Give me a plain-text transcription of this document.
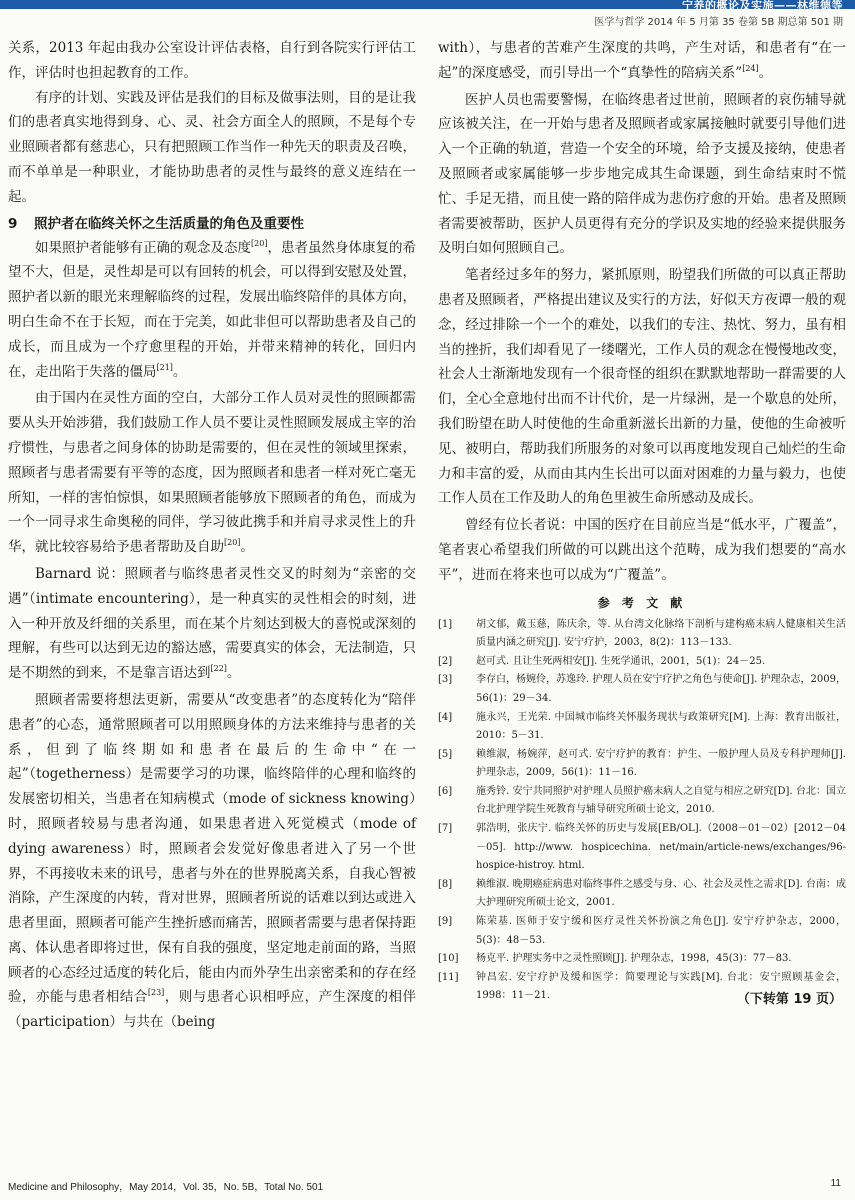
宁养的概论及实施——林维德等
医学与哲学 2014 年 5 月第 35 卷第 5B 期总第 501 期

关系，2013 年起由我办公室设计评估表格，自行到各院实行评估工作，评估时也担起教育的工作。

有序的计划、实践及评估是我们的目标及做事法则，目的是让我们的患者真实地得到身、心、灵、社会方面全人的照顾，不是每个专业照顾者都有慈悲心，只有把照顾工作当作一种先天的职责及召唤，而不单单是一种职业，才能协助患者的灵性与最终的意义连结在一起。

9 照护者在临终关怀之生活质量的角色及重要性

如果照护者能够有正确的观念及态度[20]，患者虽然身体康复的希望不大，但是，灵性却是可以有回转的机会，可以得到安慰及处置，照护者以新的眼光来理解临终的过程，发展出临终陪伴的具体方向，明白生命不在于长短，而在于完美，如此非但可以帮助患者及自己的成长，而且成为一个疗愈里程的开始，并带来精神的转化，回归内在，走出陷于失落的僵局[21]。

由于国内在灵性方面的空白，大部分工作人员对灵性的照顾都需要从头开始涉猎，我们鼓励工作人员不要让灵性照顾发展成主宰的治疗惯性，与患者之间身体的协助是需要的，但在灵性的领域里探索，照顾者与患者需要有平等的态度，因为照顾者和患者一样对死亡毫无所知，一样的害怕惊惧，如果照顾者能够放下照顾者的角色，而成为一个一同寻求生命奥秘的同伴，学习彼此携手和并肩寻求灵性上的升华，就比较容易给予患者帮助及自助[20]。

Barnard 说：照顾者与临终患者灵性交叉的时刻为“亲密的交遇”（intimate encountering），是一种真实的灵性相会的时刻，进入一种开放及纤细的关系里，而在某个片刻达到极大的喜悦或深刻的理解，有些可以达到无边的豁达感，需要真实的体会，无法制造，只是不期然的到来，不是靠言语达到[22]。

照顾者需要将想法更新，需要从“改变患者”的态度转化为“陪伴患者”的心态，通常照顾者可以用照顾身体的方法来维持与患者的关系，但到了临终期如和患者在最后的生命中“在一起”（togetherness）是需要学习的功课，临终陪伴的心理和临终的发展密切相关，当患者在知病模式（mode of sickness knowing）时，照顾者较易与患者沟通，如果患者进入死觉模式（mode of dying awareness）时，照顾者会发觉好像患者进入了另一个世界，不再接收未来的讯号，患者与外在的世界脱离关系，自我心智被消除，产生深度的内转，背对世界，照顾者所说的话难以到达或进入患者里面，照顾者可能产生挫折感而痛苦，照顾者需要与患者保持距离、体认患者即将过世，保有自我的强度，坚定地走前面的路，当照顾者的心态经过适度的转化后，能由内而外孕生出亲密柔和的存在经验，亦能与患者相结合[23]，则与患者心识相呼应，产生深度的相伴（participation）与共在（being

with），与患者的苦难产生深度的共鸣，产生对话，和患者有“在一起”的深度感受，而引导出一个“真挚性的陪病关系”[24]。

医护人员也需要警惕，在临终患者过世前，照顾者的哀伤辅导就应该被关注，在一开始与患者及照顾者或家属接触时就要引导他们进入一个正确的轨道，营造一个安全的环境，给予支援及接纳，使患者及照顾者或家属能够一步步地完成其生命课题，到生命结束时不慌忙、手足无措，而且使一路的陪伴成为悲伤疗愈的开始。患者及照顾者需要被帮助，医护人员更得有充分的学识及实地的经验来提供服务及明白如何照顾自己。

笔者经过多年的努力，紧抓原则，盼望我们所做的可以真正帮助患者及照顾者，严格提出建议及实行的方法，好似天方夜谭一般的观念，经过排除一个一个的难处，以我们的专注、热忱、努力，虽有相当的挫折，我们却看见了一缕曙光，工作人员的观念在慢慢地改变，社会人士渐渐地发现有一个很奇怪的组织在默默地帮助一群需要的人们，全心全意地付出而不计代价，是一片绿洲，是一个歇息的处所，我们盼望在助人时使他的生命重新滋长出新的力量，使他的生命被听见、被明白，帮助我们所服务的对象可以再度地发现自己灿烂的生命力和丰富的爱，从而由其内生长出可以面对困难的力量与毅力，也使工作人员在工作及助人的角色里被生命所感动及成长。

曾经有位长者说：中国的医疗在目前应当是“低水平，广覆盖”，笔者衷心希望我们所做的可以跳出这个范畴，成为我们想要的“高水平”，进而在将来也可以成为“广覆盖”。

参 考 文 献
[1] 胡文郁，戴玉慈，陈庆余，等. 从台湾文化脉络下剖析与建构癌末病人健康相关生活质量内涵之研究[J]. 安宁疗护，2003，8(2)：113－133.
[2] 赵可式. 且让生死两相安[J]. 生死学通讯，2001，5(1)：24－25.
[3] 李存白，杨婉伶，苏逸玲. 护理人员在安宁疗护之角色与使命[J]. 护理杂志，2009，56(1)：29－34.
[4] 施永兴，王光荣. 中国城市临终关怀服务现状与政策研究[M]. 上海：教育出版社，2010：5－31.
[5] 赖维淑，杨婉萍，赵可式. 安宁疗护的教育：护生、一般护理人员及专科护理师[J]. 护理杂志，2009，56(1)：11－16.
[6] 施秀铃. 安宁共同照护对护理人员照护癌末病人之自觉与相应之研究[D]. 台北：国立台北护理学院生死教育与辅导研究所硕士论文，2010.
[7] 郭浩明，张庆宁. 临终关怀的历史与发展[EB/OL].（2008－01－02）[2012－04－05]. http://www. hospicechina. net/main/article-news/exchanges/96-hospice-histroy. html.
[8] 赖维淑. 晚期癌症病患对临终事件之感受与身、心、社会及灵性之需求[D]. 台南：成大护理研究所硕士论文，2001.
[9] 陈荣基. 医师于安宁缓和医疗灵性关怀扮演之角色[J]. 安宁疗护杂志，2000，5(3)：48－53.
[10] 杨克平. 护理实务中之灵性照顾[J]. 护理杂志，1998，45(3)：77－83.
[11] 钟昌宏. 安宁疗护及缓和医学：简要理论与实践[M]. 台北：安宁照顾基金会，1998：11－21.	（下转第 19 页）
Medicine and Philosophy，May 2014，Vol. 35，No. 5B，Total No. 501	11
